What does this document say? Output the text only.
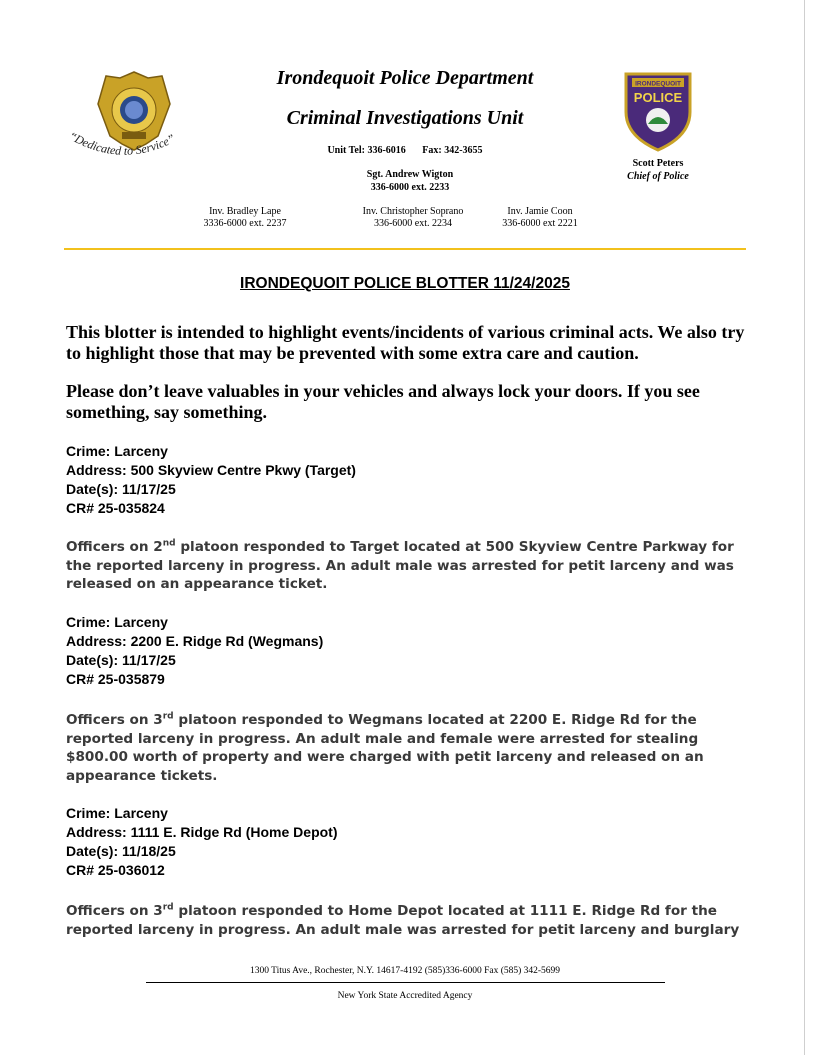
“Dedicated to Service”
Irondequoit Police Department
Criminal Investigations Unit
Unit Tel: 336-6016 Fax: 342-3655
Sgt. Andrew Wigton
336-6000 ext. 2233
Inv. Bradley Lape
3336-6000 ext. 2237
Inv. Christopher Soprano
336-6000 ext. 2234
Inv. Jamie Coon
336-6000 ext 2221
IRONDEQUOIT
POLICE
Scott Peters
Chief of Police
IRONDEQUOIT POLICE BLOTTER 11/24/2025
This blotter is intended to highlight events/incidents of various criminal acts. We also try to highlight those that may be prevented with some extra care and caution.
Please don’t leave valuables in your vehicles and always lock your doors. If you see something, say something.
Crime: Larceny
Address: 500 Skyview Centre Pkwy (Target)
Date(s): 11/17/25
CR# 25-035824
Officers on 2nd platoon responded to Target located at 500 Skyview Centre Parkway for the reported larceny in progress. An adult male was arrested for petit larceny and was released on an appearance ticket.
Crime: Larceny
Address: 2200 E. Ridge Rd (Wegmans)
Date(s): 11/17/25
CR# 25-035879
Officers on 3rd platoon responded to Wegmans located at 2200 E. Ridge Rd for the reported larceny in progress. An adult male and female were arrested for stealing $800.00 worth of property and were charged with petit larceny and released on an appearance tickets.
Crime: Larceny
Address: 1111 E. Ridge Rd (Home Depot)
Date(s): 11/18/25
CR# 25-036012
Officers on 3rd platoon responded to Home Depot located at 1111 E. Ridge Rd for the reported larceny in progress. An adult male was arrested for petit larceny and burglary
1300 Titus Ave., Rochester, N.Y. 14617-4192 (585)336-6000 Fax (585) 342-5699
New York State Accredited Agency
